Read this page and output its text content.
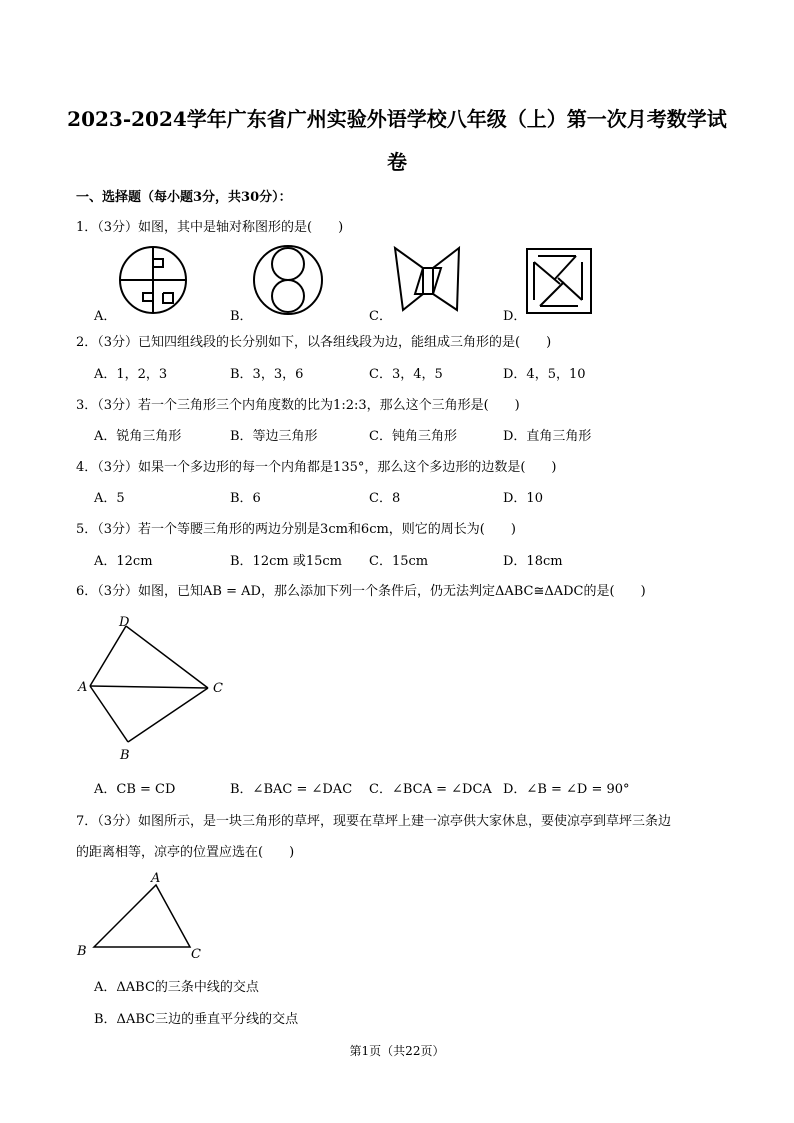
2023-2024学年广东省广州实验外语学校八年级（上）第一次月考数学试
卷
一、选择题（每小题3分，共30分）：
1．（3分）如图，其中是轴对称图形的是(　　)
A．	B．	C．	D．
2．（3分）已知四组线段的长分别如下，以各组线段为边，能组成三角形的是(　　)
A．1，2，3	B．3，3，6	C．3，4，5	D．4，5，10
3．（3分）若一个三角形三个内角度数的比为1:2:3，那么这个三角形是(　　)
A．锐角三角形	B．等边三角形	C．钝角三角形	D．直角三角形
4．（3分）如果一个多边形的每一个内角都是135°，那么这个多边形的边数是(　　)
A．5	B．6	C．8	D．10
5．（3分）若一个等腰三角形的两边分别是3cm和6cm，则它的周长为(　　)
A．12cm	B．12cm 或15cm C．15cm	D．18cm
6．（3分）如图，已知AB = AD，那么添加下列一个条件后，仍无法判定ΔABC≅ΔADC的是(　　)
D
A	C
B
A．CB = CD	B．∠BAC = ∠DAC C．∠BCA = ∠DCA D．∠B = ∠D = 90°
7．（3分）如图所示，是一块三角形的草坪，现要在草坪上建一凉亭供大家休息，要使凉亭到草坪三条边
的距离相等，凉亭的位置应选在(　　)
A
B	C
A．ΔABC的三条中线的交点
B．ΔABC三边的垂直平分线的交点
第1页（共22页）
